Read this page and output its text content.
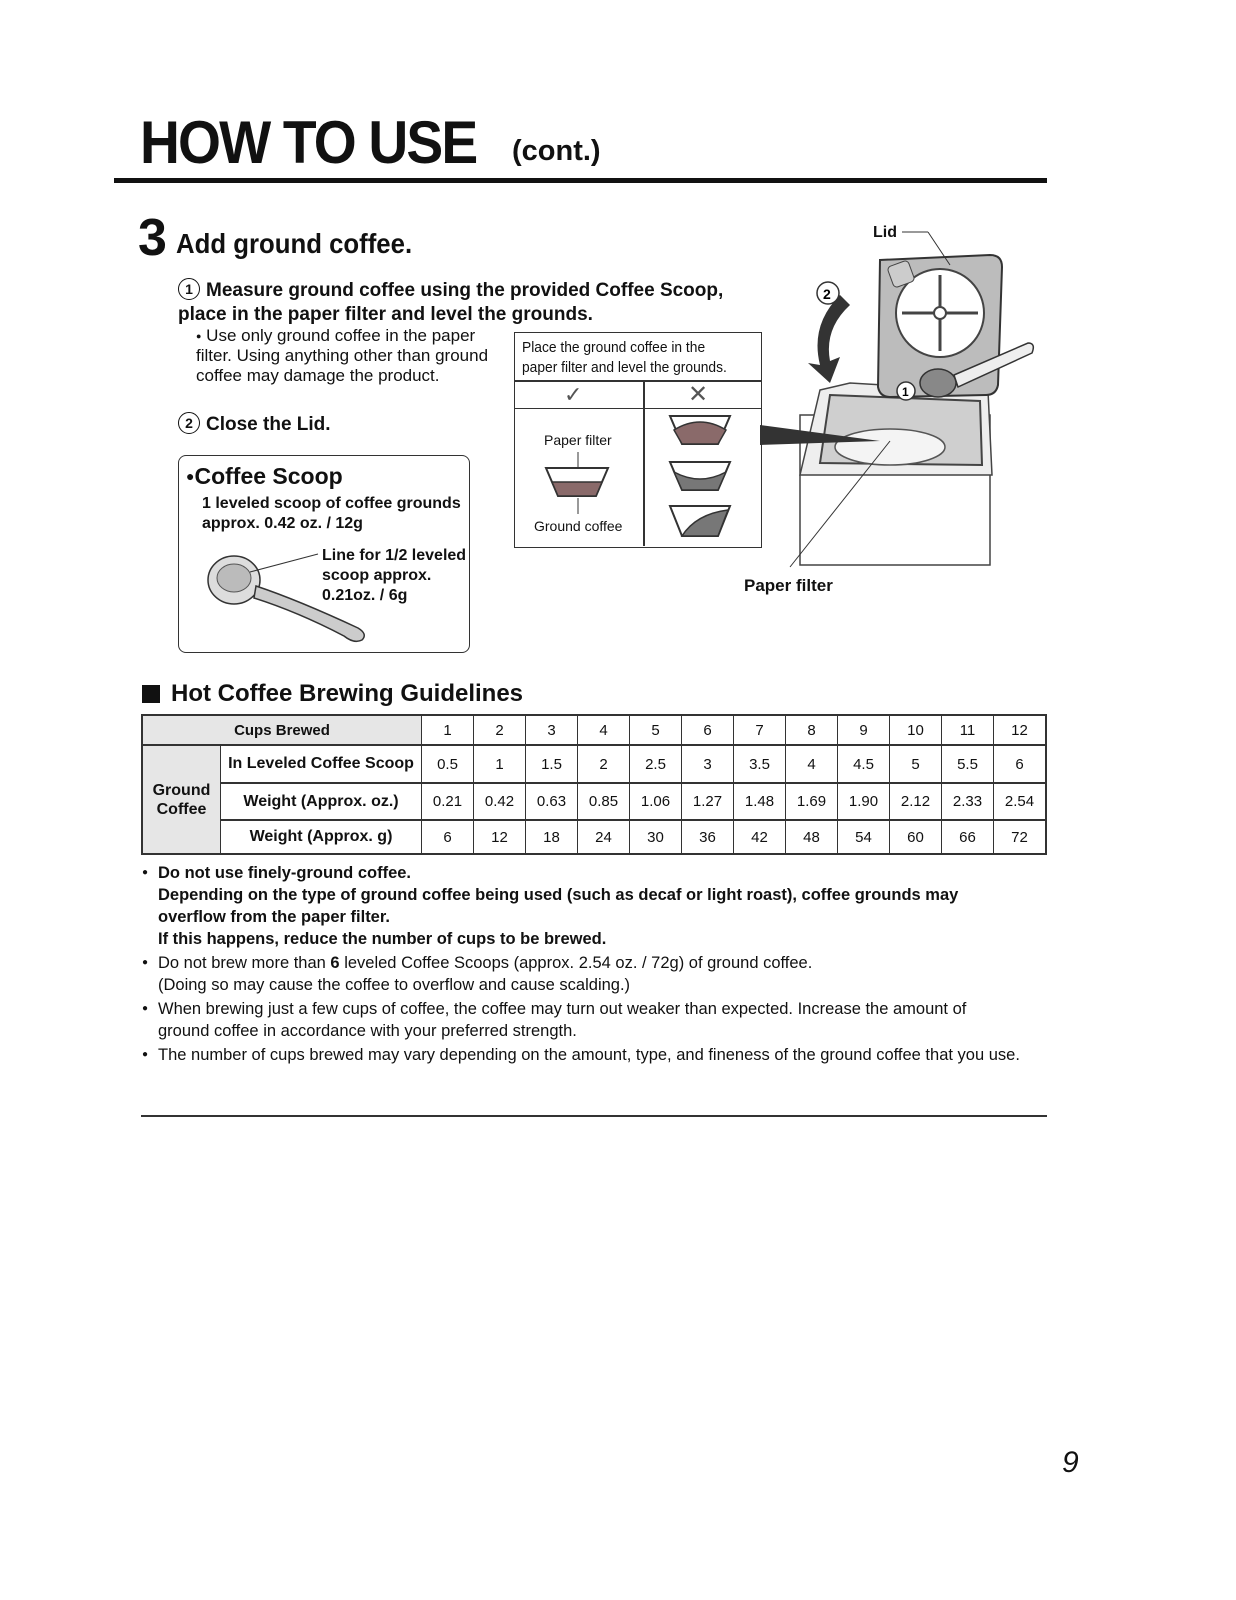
HOW TO USE (cont.)
3 Add ground coffee.
1 Measure ground coffee using the provided Coffee Scoop, place in the paper filter and level the grounds.
● Use only ground coffee in the paper filter. Using anything other than ground coffee may damage the product.
2 Close the Lid.
●Coffee Scoop
1 leveled scoop of coffee grounds
approx. 0.42 oz. / 12g
Line for 1/2 leveled
scoop approx.
0.21oz. / 6g
Place the ground coffee in the paper filter and level the grounds.
✓	✕
Paper filter
Ground coffee
2
1
Lid
Paper filter
Hot Coffee Brewing Guidelines
Cups Brewed		1	2	3	4	5	6	7	8	9	10	11	12

Ground
Coffee	In Leveled Coffee Scoop	0.5	1	1.5	2	2.5	3	3.5	4	4.5	5	5.5	6
	Weight (Approx. oz.)	0.21	0.42	0.63	0.85	1.06	1.27	1.48	1.69	1.90	2.12	2.33	2.54
	Weight (Approx. g)	6	12	18	24	30	36	42	48	54	60	66	72
● Do not use finely-ground coffee.
Depending on the type of ground coffee being used (such as decaf or light roast), coffee grounds may overflow from the paper filter.
If this happens, reduce the number of cups to be brewed.
● Do not brew more than 6 leveled Coffee Scoops (approx. 2.54 oz. / 72g) of ground coffee.
(Doing so may cause the coffee to overflow and cause scalding.)
● When brewing just a few cups of coffee, the coffee may turn out weaker than expected. Increase the amount of ground coffee in accordance with your preferred strength.
● The number of cups brewed may vary depending on the amount, type, and fineness of the ground coffee that you use.
9
